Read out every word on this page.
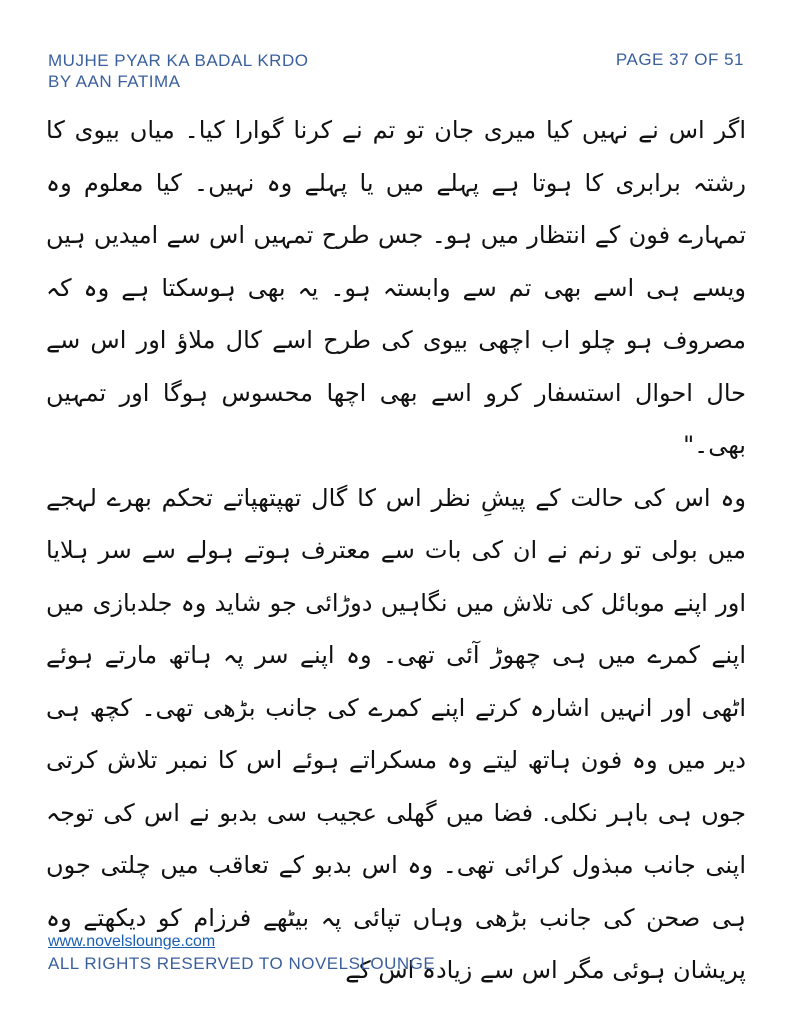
MUJHE PYAR KA BADAL KRDO
BY AAN FATIMA
PAGE 37 OF 51

اگر اس نے نہیں کیا میری جان تو تم نے کرنا گوارا کیا۔ میاں بیوی کا رشتہ برابری کا ہوتا ہے پہلے میں یا پہلے وہ نہیں۔ کیا معلوم وہ تمہارے فون کے انتظار میں ہو۔ جس طرح تمہیں اس سے امیدیں ہیں ویسے ہی اسے بھی تم سے وابستہ ہو۔ یہ بھی ہوسکتا ہے وہ کہ مصروف ہو چلو اب اچھی بیوی کی طرح اسے کال ملاؤ اور اس سے حال احوال استسفار کرو اسے بھی اچھا محسوس ہوگا اور تمہیں بھی۔"

وہ اس کی حالت کے پیشِ نظر اس کا گال تھپتھپاتے تحکم بھرے لہجے میں بولی تو رنم نے ان کی بات سے معترف ہوتے ہولے سے سر ہلایا اور اپنے موبائل کی تلاش میں نگاہیں دوڑائی جو شاید وہ جلدبازی میں اپنے کمرے میں ہی چھوڑ آئی تھی۔ وہ اپنے سر پہ ہاتھ مارتے ہوئے اٹھی اور انہیں اشارہ کرتے اپنے کمرے کی جانب بڑھی تھی۔ کچھ ہی دیر میں وہ فون ہاتھ لیتے وہ مسکراتے ہوئے اس کا نمبر تلاش کرتی جوں ہی باہر نکلی. فضا میں گھلی عجیب سی بدبو نے اس کی توجہ اپنی جانب مبذول کرائی تھی۔ وہ اس بدبو کے تعاقب میں چلتی جوں ہی صحن کی جانب بڑھی وہاں تپائی پہ بیٹھے فرزام کو دیکھتے وہ پریشان ہوئی مگر اس سے زیادہ اس کے

www.novelslounge.com
ALL RIGHTS RESERVED TO NOVELSLOUNGE
